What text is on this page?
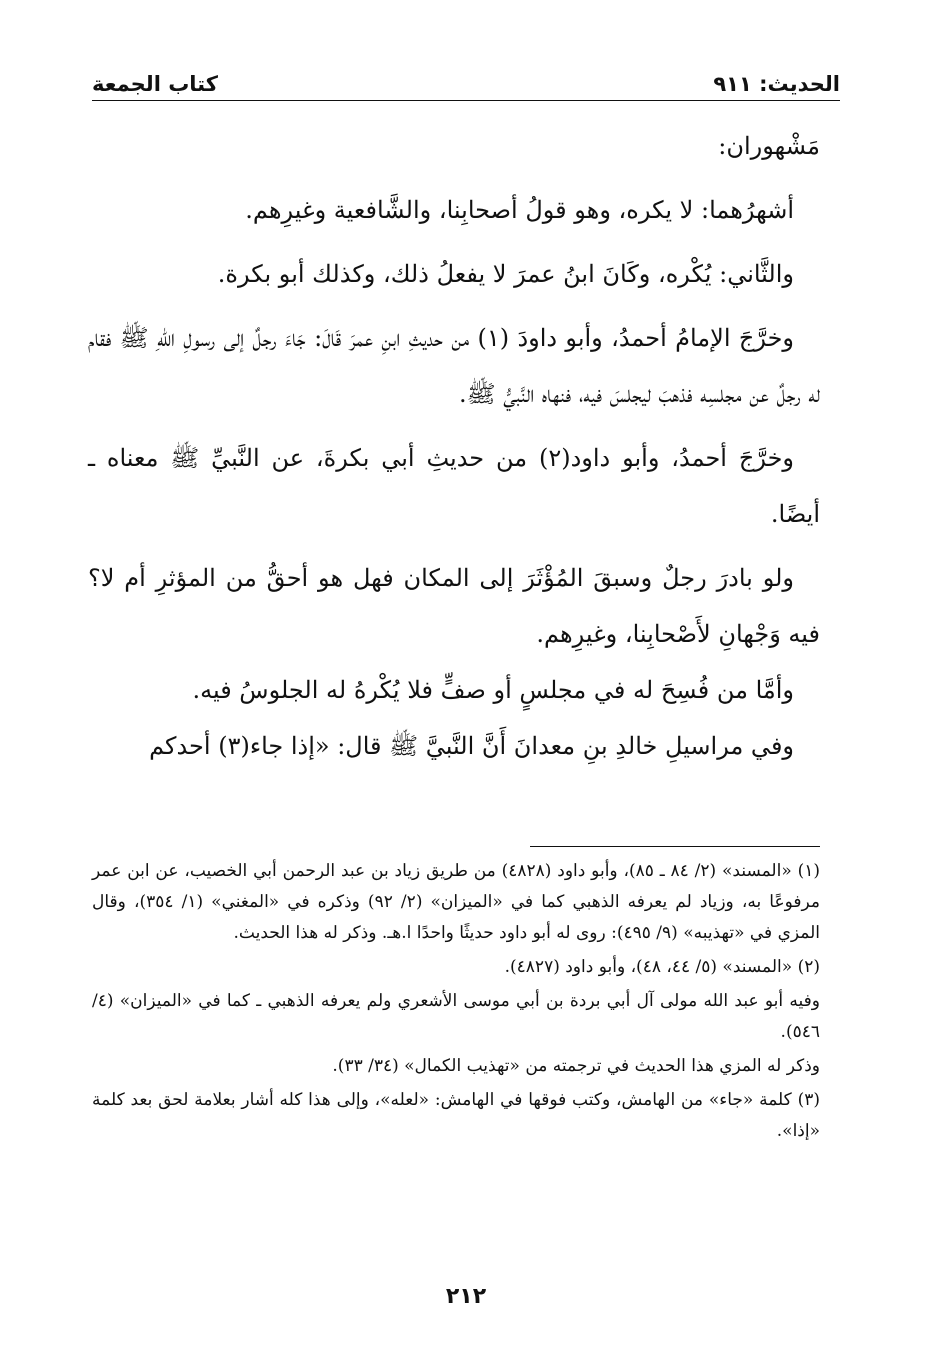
الحديث: ٩١١
كتاب الجمعة

مَشْهوران:

أشهرُهما: لا يكره، وهو قولُ أصحابِنا، والشَّافعية وغيرِهم.

والثَّاني: يُكْره، وكَانَ ابنُ عمرَ لا يفعلُ ذلك، وكذلك أبو بكرة.

وخرَّجَ الإمامُ أحمدُ، وأبو داودَ (١) من حديثِ ابنِ عمرَ قَالَ: جَاءَ رجلٌ إلى رسولِ اللهِ ﷺ فقام له رجلٌ عن مجلسِه فذهبَ ليجلسَ فيه، فنهاه النَّبيُّ ﷺ.

وخرَّجَ أحمدُ، وأبو داود(٢) من حديثِ أبي بكرةَ، عن النَّبيِّ ﷺ معناه ـ أيضًا.

ولو بادرَ رجلٌ وسبقَ المُؤْثَرَ إلى المكان فهل هو أحقُّ من المؤثرِ أم لا؟ فيه وَجْهانِ لأَصْحابِنا، وغيرِهم.

وأمَّا من فُسِحَ له في مجلسٍ أو صفٍّ فلا يُكْرهُ له الجلوسُ فيه.

وفي مراسيلِ خالدِ بنِ معدانَ أَنَّ النَّبيَّ ﷺ قال: «إذا جاء(٣) أحدكم

(١) «المسند» (٢/ ٨٤ ـ ٨٥)، وأبو داود (٤٨٢٨) من طريق زياد بن عبد الرحمن أبي الخصيب، عن ابن عمر مرفوعًا به، وزياد لم يعرفه الذهبي كما في «الميزان» (٢/ ٩٢) وذكره في «المغني» (١/ ٣٥٤)، وقال المزي في «تهذيبه» (٩/ ٤٩٥): روى له أبو داود حديثًا واحدًا ا.هـ. وذكر له هذا الحديث.

(٢) «المسند» (٥/ ٤٤، ٤٨)، وأبو داود (٤٨٢٧).

وفيه أبو عبد الله مولى آل أبي بردة بن أبي موسى الأشعري ولم يعرفه الذهبي ـ كما في «الميزان» (٤/ ٥٤٦).

وذكر له المزي هذا الحديث في ترجمته من «تهذيب الكمال» (٣٤/ ٣٣).

(٣) كلمة «جاء» من الهامش، وكتب فوقها في الهامش: «لعله»، وإلى هذا كله أشار بعلامة لحق بعد كلمة «إذا».

٢١٢
